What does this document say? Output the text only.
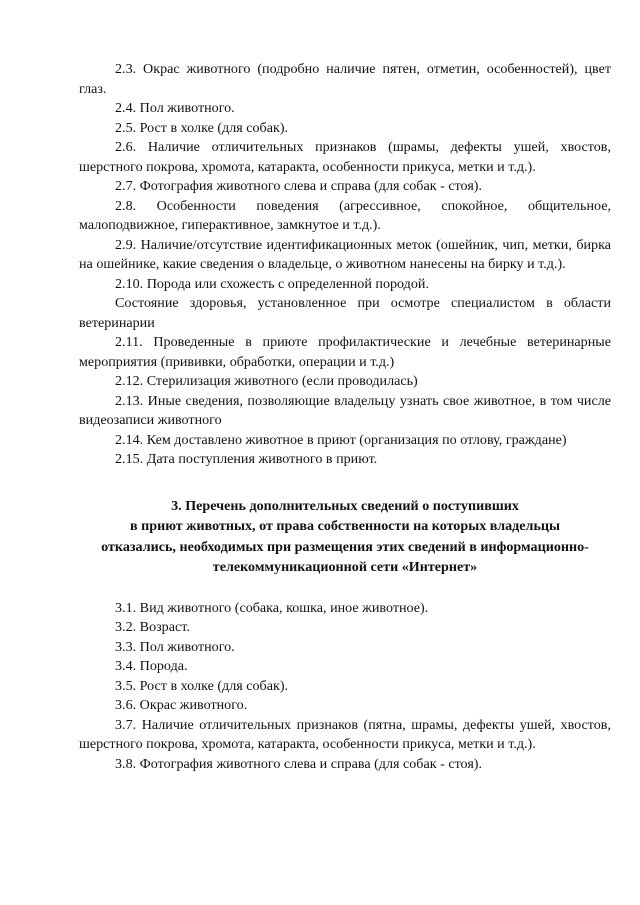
2.3. Окрас животного (подробно наличие пятен, отметин, особенностей), цвет глаз.

2.4. Пол животного.

2.5. Рост в холке (для собак).

2.6. Наличие отличительных признаков (шрамы, дефекты ушей, хвостов, шерстного покрова, хромота, катаракта, особенности прикуса, метки и т.д.).

2.7. Фотография животного слева и справа (для собак - стоя).

2.8. Особенности поведения (агрессивное, спокойное, общительное, малоподвижное, гиперактивное, замкнутое и т.д.).

2.9. Наличие/отсутствие идентификационных меток (ошейник, чип, метки, бирка на ошейнике, какие сведения о владельце, о животном нанесены на бирку и т.д.).

2.10. Порода или схожесть с определенной породой.

Состояние здоровья, установленное при осмотре специалистом в области ветеринарии

2.11. Проведенные в приюте профилактические и лечебные ветеринарные мероприятия (прививки, обработки, операции и т.д.)

2.12. Стерилизация животного (если проводилась)

2.13. Иные сведения, позволяющие владельцу узнать свое животное, в том числе видеозаписи животного

2.14. Кем доставлено животное в приют (организация по отлову, граждане)

2.15. Дата поступления животного в приют.

3. Перечень дополнительных сведений о поступивших

в приют животных, от права собственности на которых владельцы

отказались, необходимых при размещения этих сведений в информационно-

телекоммуникационной сети «Интернет»

3.1. Вид животного (собака, кошка, иное животное).

3.2. Возраст.

3.3. Пол животного.

3.4. Порода.

3.5. Рост в холке (для собак).

3.6. Окрас животного.

3.7. Наличие отличительных признаков (пятна, шрамы, дефекты ушей, хвостов, шерстного покрова, хромота, катаракта, особенности прикуса, метки и т.д.).

3.8. Фотография животного слева и справа (для собак - стоя).
